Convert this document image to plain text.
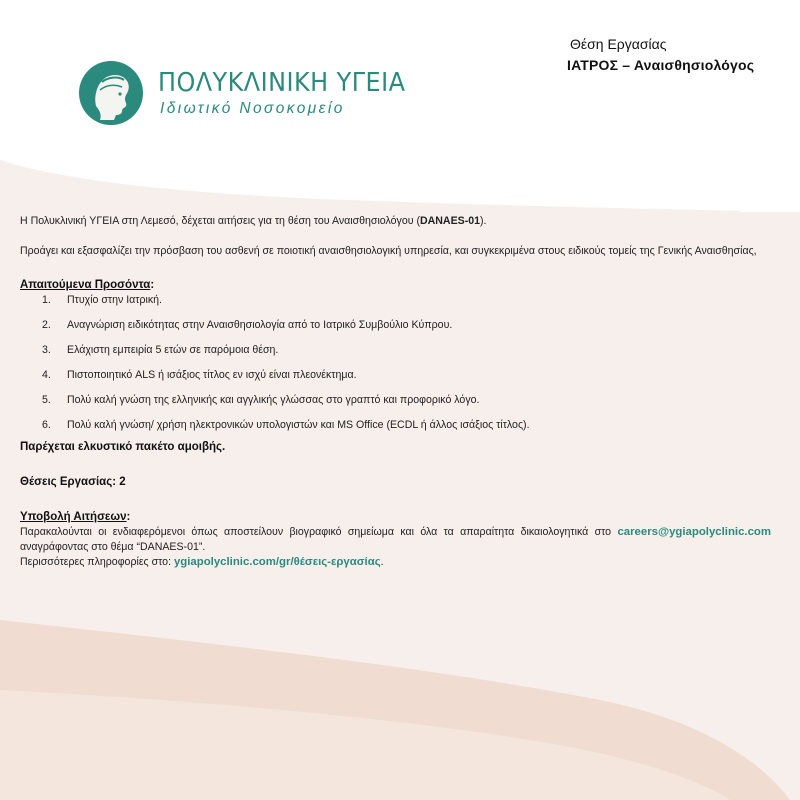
ΠΟΛΥΚΛΙΝΙΚΗ ΥΓΕΙΑ
Ιδιωτικό Νοσοκομείο
Θέση Εργασίας
ΙΑΤΡΟΣ – Αναισθησιολόγος

Η Πολυκλινική ΥΓΕΙΑ στη Λεμεσό, δέχεται αιτήσεις για τη θέση του Αναισθησιολόγου (DANAES-01).

Προάγει και εξασφαλίζει την πρόσβαση του ασθενή σε ποιοτική αναισθησιολογική υπηρεσία, και συγκεκριμένα στους ειδικούς τομείς της Γενικής Αναισθησίας,

Απαιτούμενα Προσόντα:

1. Πτυχίο στην Ιατρική.
2. Αναγνώριση ειδικότητας στην Αναισθησιολογία από το Ιατρικό Συμβούλιο Κύπρου.
3. Ελάχιστη εμπειρία 5 ετών σε παρόμοια θέση.
4. Πιστοποιητικό ALS ή ισάξιος τίτλος εν ισχύ είναι πλεονέκτημα.
5. Πολύ καλή γνώση της ελληνικής και αγγλικής γλώσσας στο γραπτό και προφορικό λόγο.
6. Πολύ καλή γνώση/ χρήση ηλεκτρονικών υπολογιστών και MS Office (ECDL ή άλλος ισάξιος τίτλος).

Παρέχεται ελκυστικό πακέτο αμοιβής.

Θέσεις Εργασίας: 2

Υποβολή Αιτήσεων:

Παρακαλούνται οι ενδιαφερόμενοι όπως αποστείλουν βιογραφικό σημείωμα και όλα τα απαραίτητα δικαιολογητικά στο careers@ygiapolyclinic.com αναγράφοντας στο θέμα “DANAES-01”.

Περισσότερες πληροφορίες στο: ygiapolyclinic.com/gr/θέσεις-εργασίας.
